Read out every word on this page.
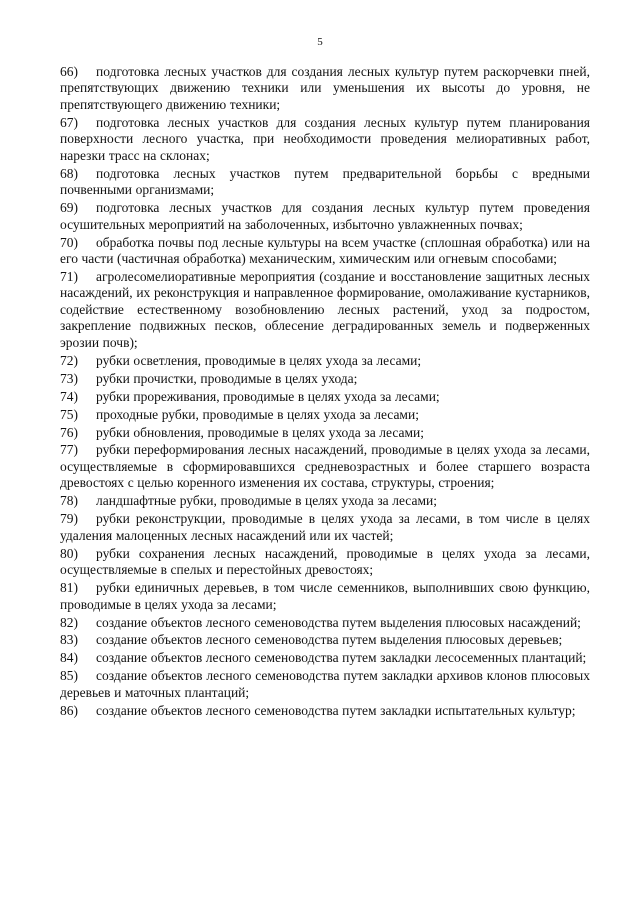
5

66) подготовка лесных участков для создания лесных культур путем раскорчевки пней, препятствующих движению техники или уменьшения их высоты до уровня, не препятствующего движению техники;

67) подготовка лесных участков для создания лесных культур путем планирования поверхности лесного участка, при необходимости проведения мелиоративных работ, нарезки трасс на склонах;

68) подготовка лесных участков путем предварительной борьбы с вредными почвенными организмами;

69) подготовка лесных участков для создания лесных культур путем проведения осушительных мероприятий на заболоченных, избыточно увлажненных почвах;

70) обработка почвы под лесные культуры на всем участке (сплошная обработка) или на его части (частичная обработка) механическим, химическим или огневым способами;

71) агролесомелиоративные мероприятия (создание и восстановление защитных лесных насаждений, их реконструкция и направленное формирование, омолаживание кустарников, содействие естественному возобновлению лесных растений, уход за подростом, закрепление подвижных песков, облесение деградированных земель и подверженных эрозии почв);

72) рубки осветления, проводимые в целях ухода за лесами;

73) рубки прочистки, проводимые в целях ухода;

74) рубки прореживания, проводимые в целях ухода за лесами;

75) проходные рубки, проводимые в целях ухода за лесами;

76) рубки обновления, проводимые в целях ухода за лесами;

77) рубки переформирования лесных насаждений, проводимые в целях ухода за лесами, осуществляемые в сформировавшихся средневозрастных и более старшего возраста древостоях с целью коренного изменения их состава, структуры, строения;

78) ландшафтные рубки, проводимые в целях ухода за лесами;

79) рубки реконструкции, проводимые в целях ухода за лесами, в том числе в целях удаления малоценных лесных насаждений или их частей;

80) рубки сохранения лесных насаждений, проводимые в целях ухода за лесами, осуществляемые в спелых и перестойных древостоях;

81) рубки единичных деревьев, в том числе семенников, выполнивших свою функцию, проводимые в целях ухода за лесами;

82) создание объектов лесного семеноводства путем выделения плюсовых насаждений;

83) создание объектов лесного семеноводства путем выделения плюсовых деревьев;

84) создание объектов лесного семеноводства путем закладки лесосеменных плантаций;

85) создание объектов лесного семеноводства путем закладки архивов клонов плюсовых деревьев и маточных плантаций;

86) создание объектов лесного семеноводства путем закладки испытательных культур;
